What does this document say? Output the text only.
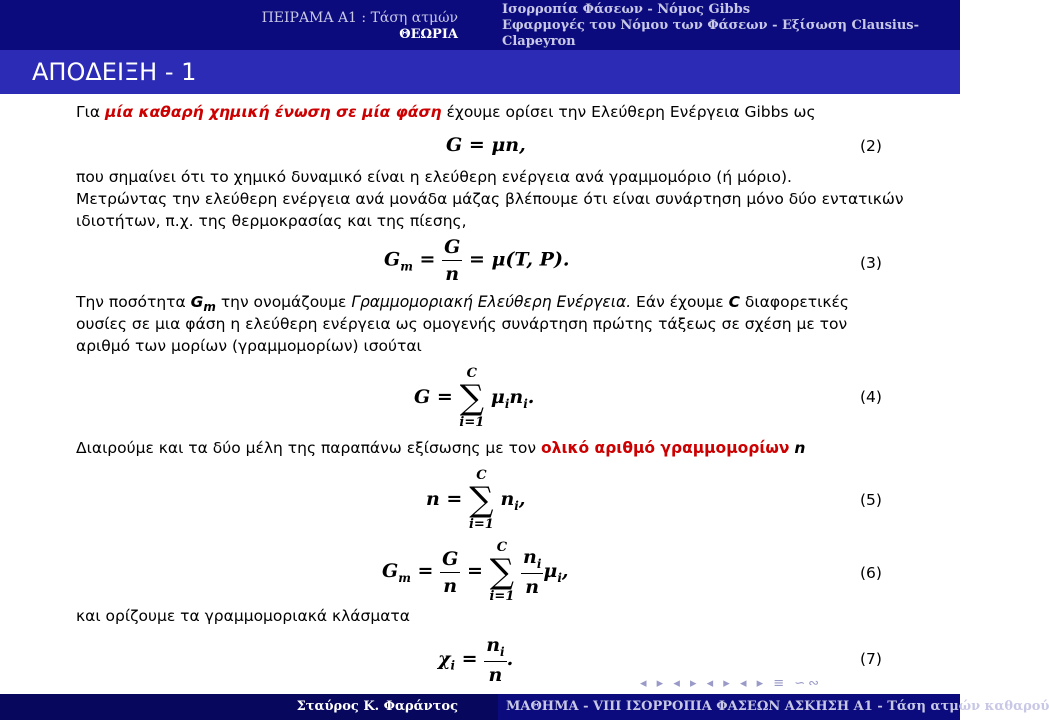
ΠΕΙΡΑΜΑ Α1 : Τάση ατμών
ΘΕΩΡΙΑ
Ισορροπία Φάσεων - Νόμος Gibbs
Εφαρμογές του Νόμου των Φάσεων - Εξίσωση Clausius-Clapeyron
ΑΠΟΔΕΙΞΗ - 1
Για μία καθαρή χημική ένωση σε μία φάση έχουμε ορίσει την Ελεύθερη Ενέργεια Gibbs ως
G = μn,	(2)
που σημαίνει ότι το χημικό δυναμικό είναι η ελεύθερη ενέργεια ανά γραμμομόριο (ή μόριο).
Μετρώντας την ελεύθερη ενέργεια ανά μονάδα μάζας βλέπουμε ότι είναι συνάρτηση μόνο δύο εντατικών
ιδιοτήτων, π.χ. της θερμοκρασίας και της πίεσης,
$G_m = \frac{G}{n} = \mu(T$, P).	(3)
Την ποσότητα $G_m$ την ονομάζουμε Γραμμομοριακή Ελεύθερη Ενέργεια. Εάν έχουμε C διαφορετικές
ουσίες σε μια φάση η ελεύθερη ενέργεια ως ομογενής συνάρτηση πρώτης τάξεως σε σχέση με τον
αριθμό των μορίων (γραμμομορίων) ισούται
G =
C
∑
i=1
$\mu_in_i$.	(4)
Διαιρούμε και τα δύο μέλη της παραπάνω εξίσωσης με τον ολικό αριθμό γραμμομορίων n
n =
C
∑
i=1
$n_i$,	(5)
$G_m = \frac{G}{n}$ =
C
∑
i=1
$\frac{n_i}{n} \mu_i$,	(6)
και ορίζουμε τα γραμμομοριακά κλάσματα
$\chi_i = \frac{n_i}{n}$ .	(7)
◂ ▸ ◂ ▸ ◂ ▸ ◂ ▸ ≡ ∽∾
Σταύρος Κ. Φαράντος	ΜΑΘΗΜΑ - VIII ΙΣΟΡΡΟΠΙΑ ΦΑΣΕΩΝ ΑΣΚΗΣΗ Α1 - Τάση ατμών καθαρού
